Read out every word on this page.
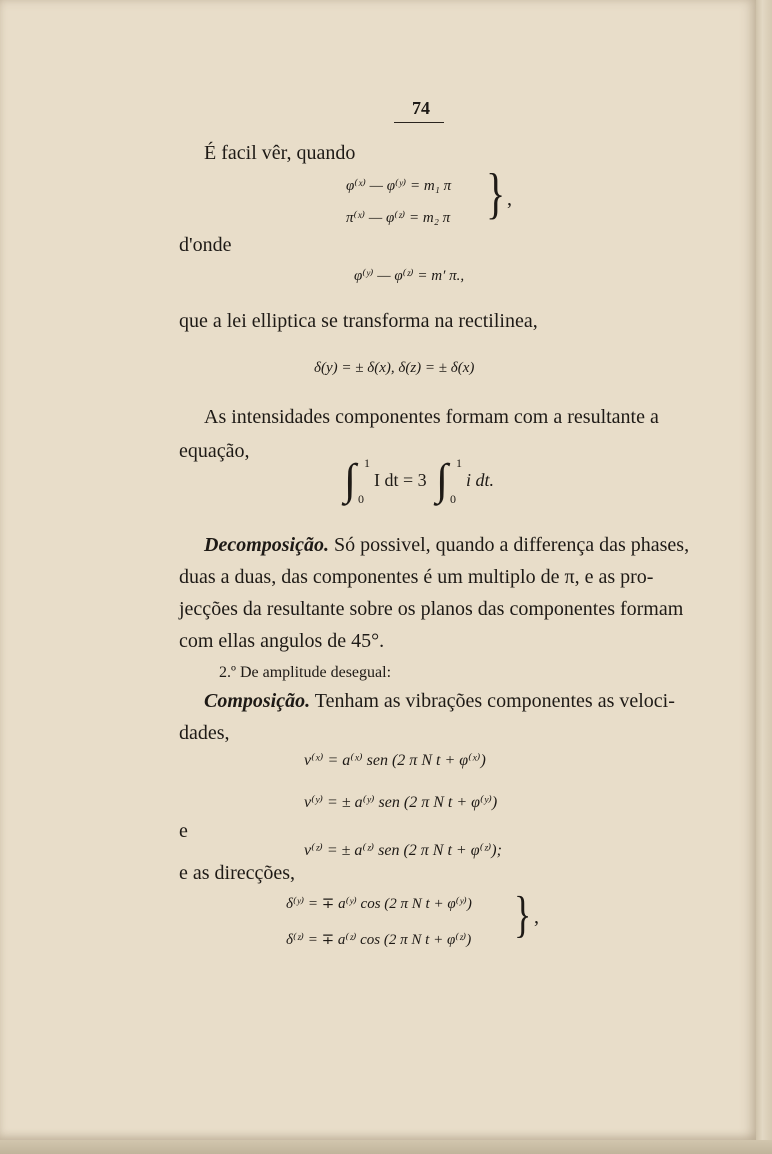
74
É facil vêr, quando
φ⁽ˣ⁾ — φ⁽ʸ⁾ = m₁ π
π⁽ˣ⁾ — φ⁽ᶻ⁾ = m₂ π } ,
d'onde
φ⁽ʸ⁾ — φ⁽ᶻ⁾ = m′ π.,
que a lei elliptica se transforma na rectilinea,
δ(y) = ± δ(x), δ(z) = ± δ(x)
As intensidades componentes formam com a resultante a
equação,
∫ 1
0
I dt = 3 ∫ 1
0
i dt.
Decomposição. Só possivel, quando a differença das phases,
duas a duas, das componentes é um multiplo de π, e as pro-
jecções da resultante sobre os planos das componentes formam
com ellas angulos de 45°.
2.º De amplitude desegual:
Composição. Tenham as vibrações componentes as veloci-
dades,
v⁽ˣ⁾ = a⁽ˣ⁾ sen (2 π N t + φ⁽ˣ⁾)
v⁽ʸ⁾ = ± a⁽ʸ⁾ sen (2 π N t + φ⁽ʸ⁾)
e
v⁽ᶻ⁾ = ± a⁽ᶻ⁾ sen (2 π N t + φ⁽ᶻ⁾);
e as direcções,
δ⁽ʸ⁾ = ∓ a⁽ʸ⁾ cos (2 π N t + φ⁽ʸ⁾)
δ⁽ᶻ⁾ = ∓ a⁽ᶻ⁾ cos (2 π N t + φ⁽ᶻ⁾) } ,
